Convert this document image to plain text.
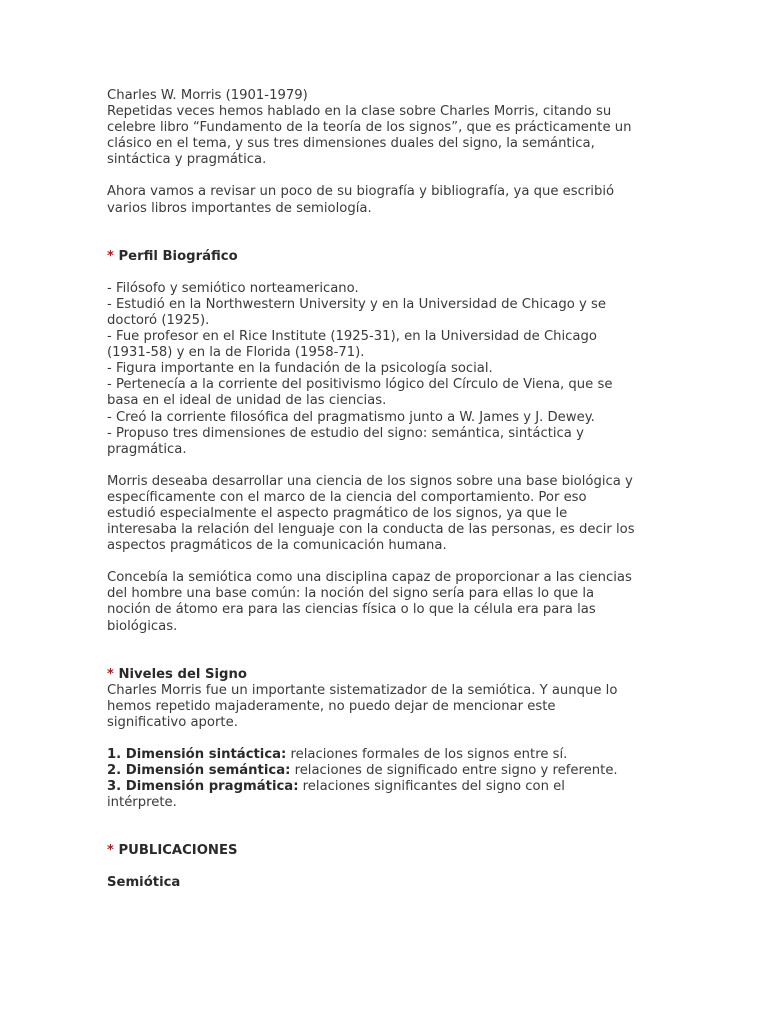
Charles W. Morris (1901-1979)
Repetidas veces hemos hablado en la clase sobre Charles Morris, citando su
celebre libro “Fundamento de la teoría de los signos”, que es prácticamente un
clásico en el tema, y sus tres dimensiones duales del signo, la semántica,
sintáctica y pragmática.
Ahora vamos a revisar un poco de su biografía y bibliografía, ya que escribió
varios libros importantes de semiología.
* Perfil Biográfico
- Filósofo y semiótico norteamericano.
- Estudió en la Northwestern University y en la Universidad de Chicago y se
doctoró (1925).
- Fue profesor en el Rice Institute (1925-31), en la Universidad de Chicago
(1931-58) y en la de Florida (1958-71).
- Figura importante en la fundación de la psicología social.
- Pertenecía a la corriente del positivismo lógico del Círculo de Viena, que se
basa en el ideal de unidad de las ciencias.
- Creó la corriente filosófica del pragmatismo junto a W. James y J. Dewey.
- Propuso tres dimensiones de estudio del signo: semántica, sintáctica y
pragmática.
Morris deseaba desarrollar una ciencia de los signos sobre una base biológica y
específicamente con el marco de la ciencia del comportamiento. Por eso
estudió especialmente el aspecto pragmático de los signos, ya que le
interesaba la relación del lenguaje con la conducta de las personas, es decir los
aspectos pragmáticos de la comunicación humana.
Concebía la semiótica como una disciplina capaz de proporcionar a las ciencias
del hombre una base común: la noción del signo sería para ellas lo que la
noción de átomo era para las ciencias física o lo que la célula era para las
biológicas.
* Niveles del Signo
Charles Morris fue un importante sistematizador de la semiótica. Y aunque lo
hemos repetido majaderamente, no puedo dejar de mencionar este
significativo aporte.
1. Dimensión sintáctica: relaciones formales de los signos entre sí.
2. Dimensión semántica: relaciones de significado entre signo y referente.
3. Dimensión pragmática: relaciones significantes del signo con el
intérprete.
* PUBLICACIONES
Semiótica
